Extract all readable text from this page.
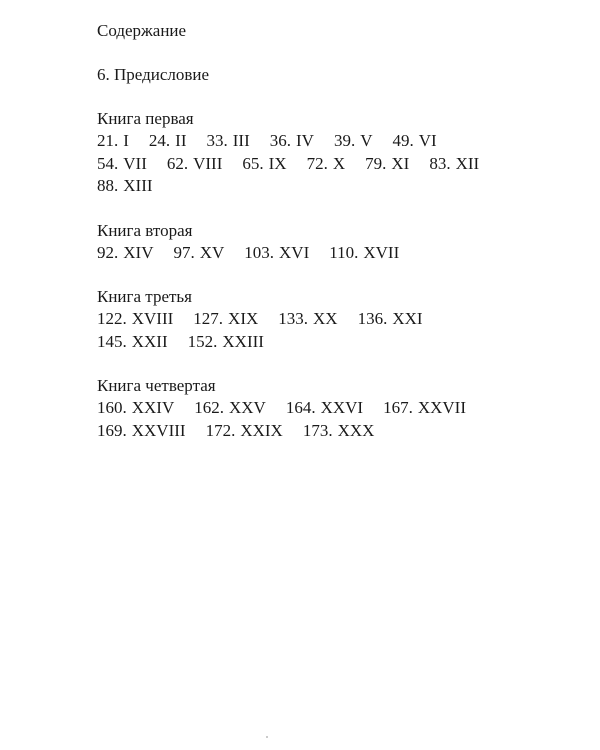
Содержание
6. Предисловие
Книга первая
21. I 24. II 33. III 36. IV 39. V 49. VI54. VII 62. VIII 65. IX 72. X 79. XI 83. XII88. XIII
Книга вторая
92. XIV 97. XV 103. XVI 110. XVII
Книга третья
122. XVIII 127. XIX 133. XX 136. XXI145. XXII 152. XXIII
Книга четвертая
160. XXIV 162. XXV 164. XXVI 167. XXVII169. XXVIII 172. XXIX 173. XXX
